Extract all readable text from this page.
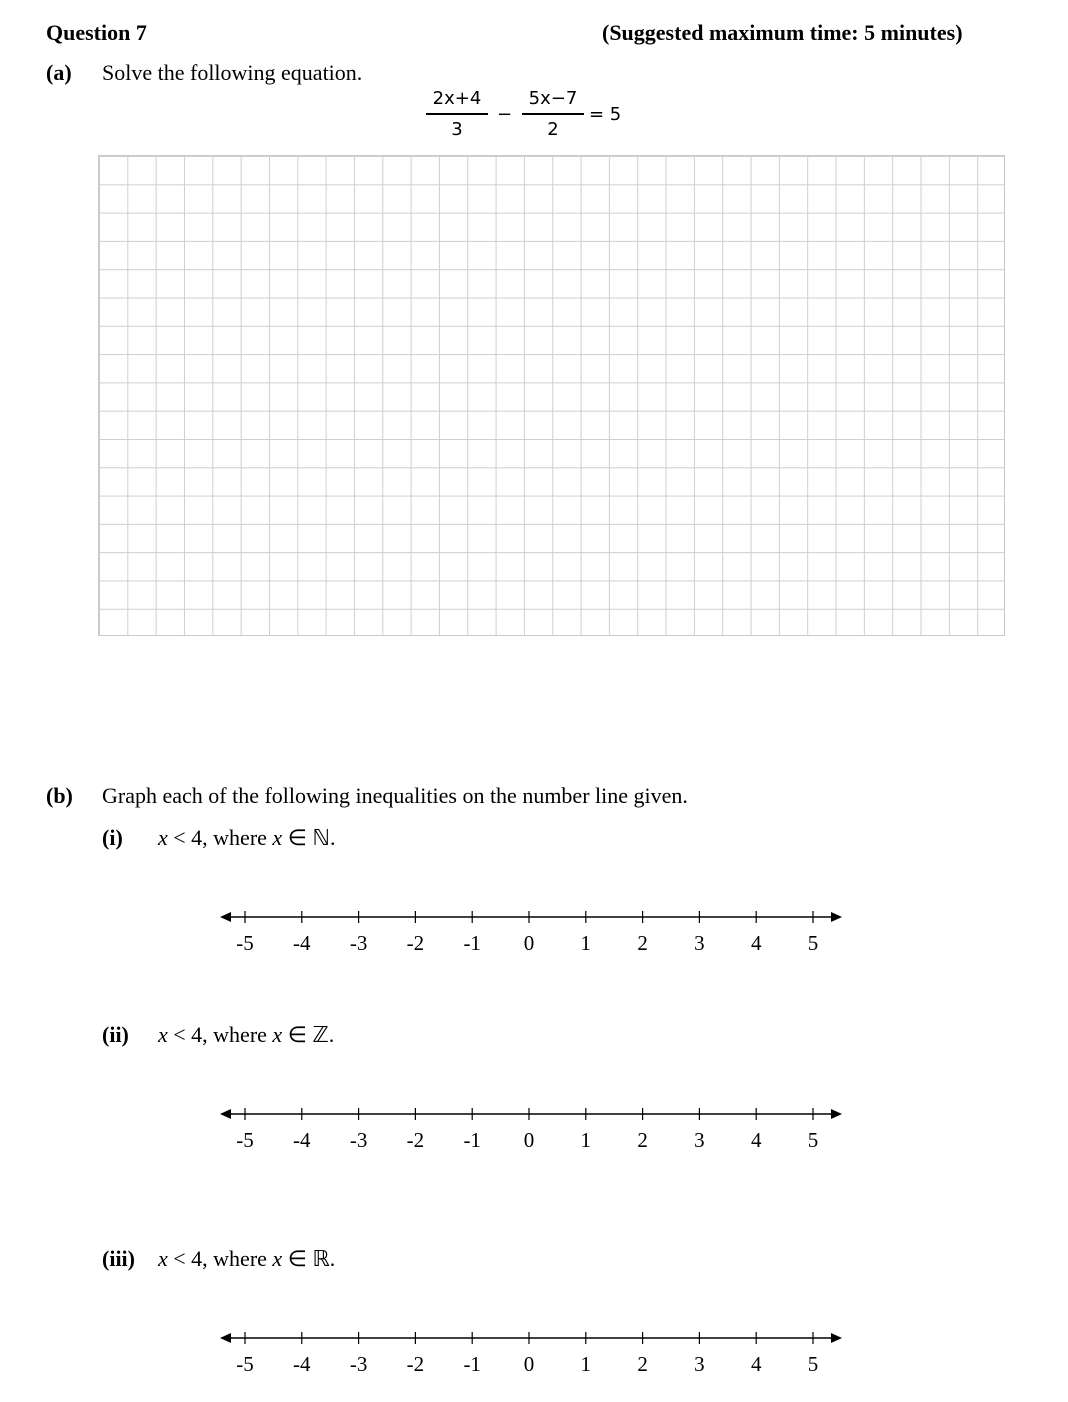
Question 7	(Suggested maximum time: 5 minutes)
(a) Solve the following equation.
2x+4
3
−
5x−7
2
= 5
(b) Graph each of the following inequalities on the number line given.
(i) x < 4, where x ∈ ℕ.
-5 -4 -3 -2 -1 0 1 2 3 4 5
(ii) x < 4, where x ∈ ℤ.
-5 -4 -3 -2 -1 0 1 2 3 4 5
(iii) x < 4, where x ∈ ℝ.
-5 -4 -3 -2 -1 0 1 2 3 4 5
